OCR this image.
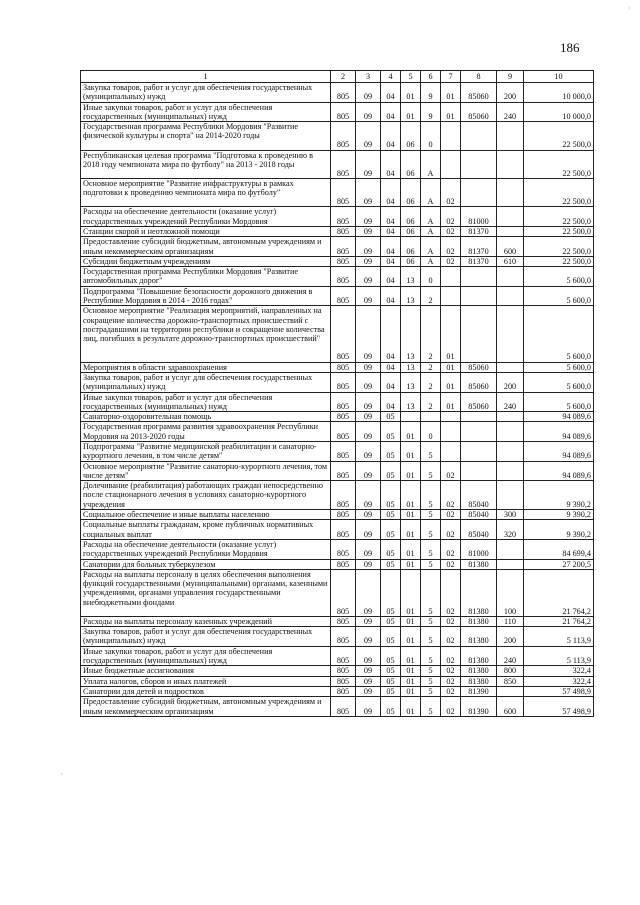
186
·
·
1	2	3	4	5	6	7	8	9	10
Закупка товаров, работ и услуг для обеспечения государственных (муниципальных) нужд	805	09	04	01	9	01	85060	200	10 000,0
Иные закупки товаров, работ и услуг для обеспечения государственных (муниципальных) нужд	805	09	04	01	9	01	85060	240	10 000,0
Государственная программа Республики Мордовия "Развитие физической культуры и спорта" на 2014-2020 годы	805	09	04	06	0				22 500,0
Республиканская целевая программа "Подготовка к проведению в 2018 году чемпионата мира по футболу" на 2013 - 2018 годы	805	09	04	06	А				22 500,0
Основное мероприятие "Развитие инфраструктуры в рамках подготовки к проведению чемпионата мира по футболу"	805	09	04	06	А	02			22 500,0
Расходы на обеспечение деятельности (оказание услуг) государственных учреждений Республики Мордовия	805	09	04	06	А	02	81000		22 500,0
Станции скорой и неотложной помощи	805	09	04	06	А	02	81370		22 500,0
Предоставление субсидий бюджетным, автономным учреждениям и иным некоммерческим организациям	805	09	04	06	А	02	81370	600	22 500,0
Субсидии бюджетным учреждениям	805	09	04	06	А	02	81370	610	22 500,0
Государственная программа Республики Мордовия "Развитие автомобильных дорог"	805	09	04	13	0				5 600,0
Подпрограмма "Повышение безопасности дорожного движения в Республике Мордовия в 2014 - 2016 годах"	805	09	04	13	2				5 600,0
Основное мероприятие "Реализация мероприятий, направленных на сокращение количества дорожно-транспортных происшествий с пострадавшими на территории республики и сокращение количества лиц, погибших в результате дорожно-транспортных происшествий"	805	09	04	13	2	01			5 600,0
Мероприятия в области здравоохранения	805	09	04	13	2	01	85060		5 600,0
Закупка товаров, работ и услуг для обеспечения государственных (муниципальных) нужд	805	09	04	13	2	01	85060	200	5 600,0
Иные закупки товаров, работ и услуг для обеспечения государственных (муниципальных) нужд	805	09	04	13	2	01	85060	240	5 600,0
Санаторно-оздоровительная помощь	805	09	05						94 089,6
Государственная программа развития здравоохранения Республики Мордовия на 2013-2020 годы	805	09	05	01	0				94 089,6
Подпрограмма "Развитие медицинской реабилитации и санаторно-курортного лечения, в том числе детям"	805	09	05	01	5				94 089,6
Основное мероприятие "Развитие санаторно-курортного лечения, том числе детям"	805	09	05	01	5	02			94 089,6
Долечивание (реабилитация) работающих граждан непосредственно после стационарного лечения в условиях санаторно-курортного учреждения	805	09	05	01	5	02	85040		9 390,2
Социальное обеспечение и иные выплаты населению	805	09	05	01	5	02	85040	300	9 390,2
Социальные выплаты гражданам, кроме публичных нормативных социальных выплат	805	09	05	01	5	02	85040	320	9 390,2
Расходы на обеспечение деятельности (оказание услуг) государственных учреждений Республики Мордовия	805	09	05	01	5	02	81000		84 699,4
Санатории для больных туберкулезом	805	09	05	01	5	02	81380		27 200,5
Расходы на выплаты персоналу в целях обеспечения выполнения функций государственными (муниципальными) органами, казенными учреждениями, органами управления государственными внебюджетными фондами	805	09	05	01	5	02	81380	100	21 764,2
Расходы на выплаты персоналу казенных учреждений	805	09	05	01	5	02	81380	110	21 764,2
Закупка товаров, работ и услуг для обеспечения государственных (муниципальных) нужд	805	09	05	01	5	02	81380	200	5 113,9
Иные закупки товаров, работ и услуг для обеспечения государственных (муниципальных) нужд	805	09	05	01	5	02	81380	240	5 113,9
Иные бюджетные ассигнования	805	09	05	01	5	02	81380	800	322,4
Уплата налогов, сборов и иных платежей	805	09	05	01	5	02	81380	850	322,4
Санатории для детей и подростков	805	09	05	01	5	02	81390		57 498,9
Предоставление субсидий бюджетным, автономным учреждениям и иным некоммерческим организациям	805	09	05	01	5	02	81390	600	57 498,9
